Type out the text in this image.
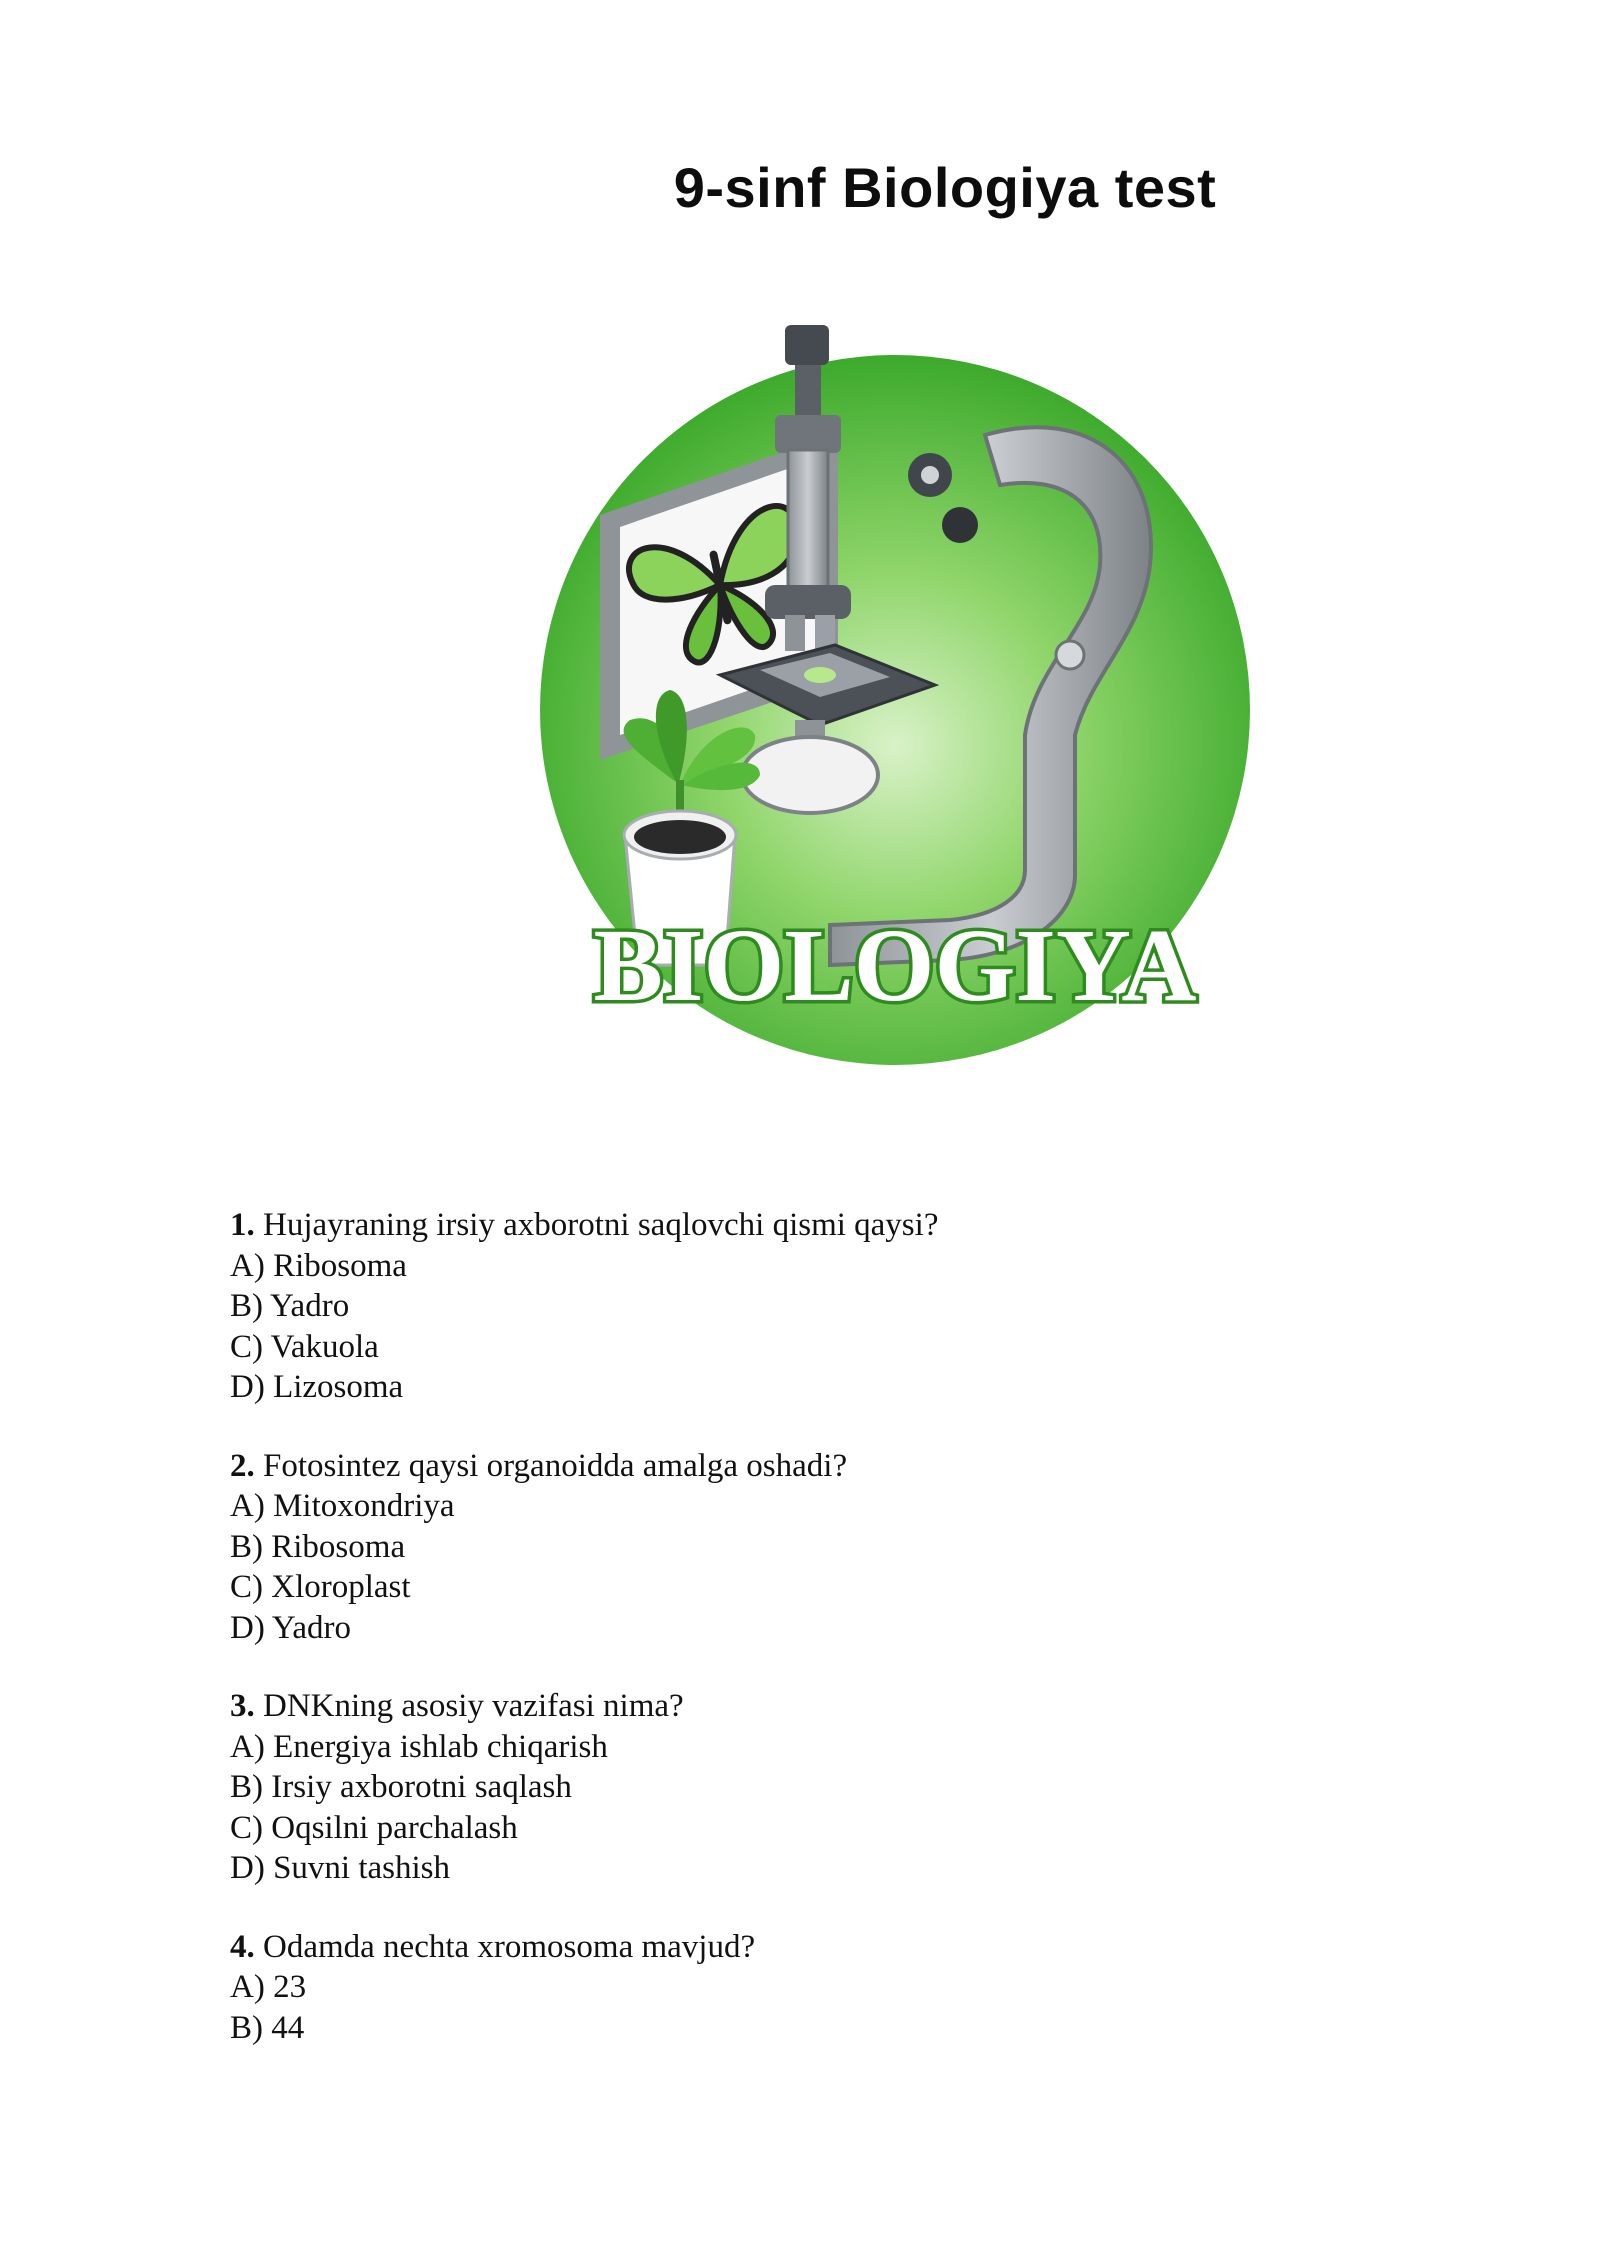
9-sinf Biologiya test
BIOLOGIYA
1. Hujayraning irsiy axborotni saqlovchi qismi qaysi?
A) Ribosoma
B) Yadro
C) Vakuola
D) Lizosoma
2. Fotosintez qaysi organoidda amalga oshadi?
A) Mitoxondriya
B) Ribosoma
C) Xloroplast
D) Yadro
3. DNKning asosiy vazifasi nima?
A) Energiya ishlab chiqarish
B) Irsiy axborotni saqlash
C) Oqsilni parchalash
D) Suvni tashish
4. Odamda nechta xromosoma mavjud?
A) 23
B) 44
